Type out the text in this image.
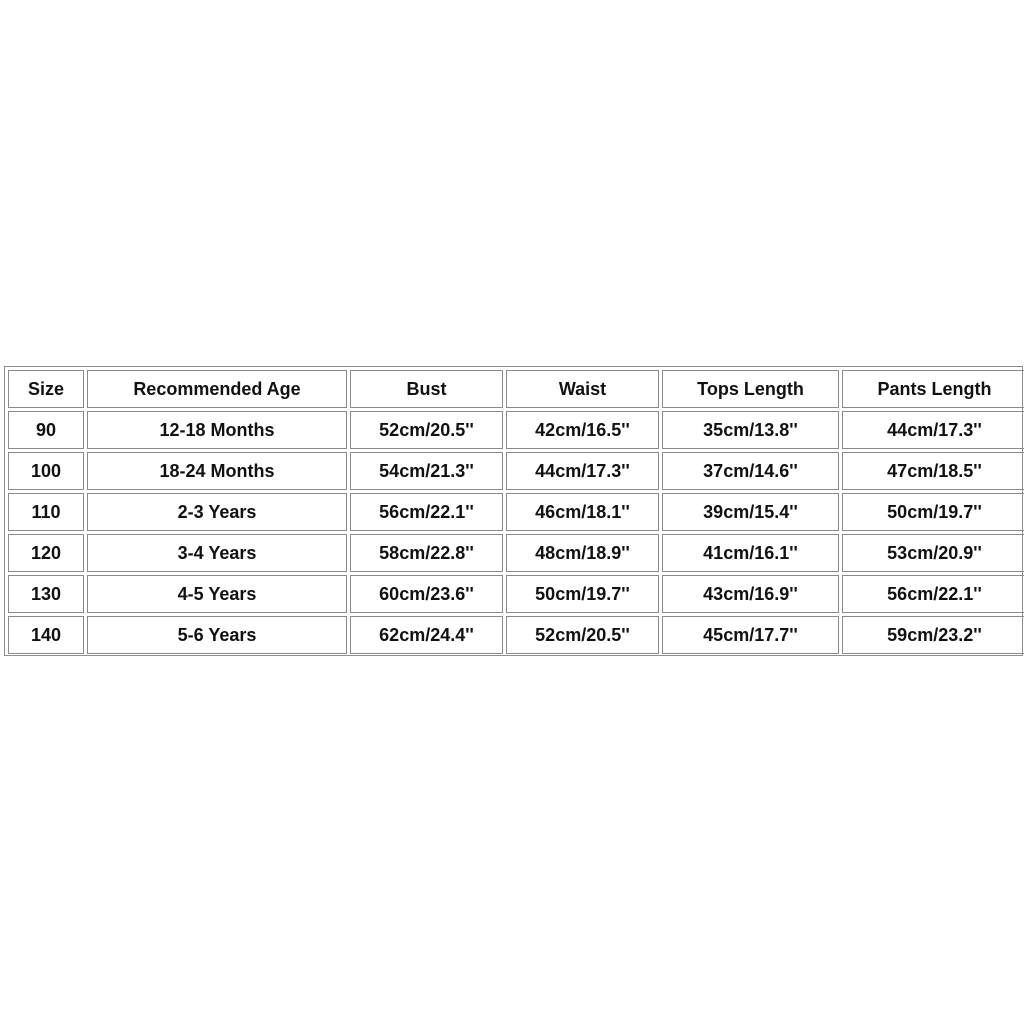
Size	Recommended Age	Bust	Waist	Tops Length	Pants Length
90	12-18 Months	52cm/20.5''	42cm/16.5''	35cm/13.8''	44cm/17.3''
100	18-24 Months	54cm/21.3''	44cm/17.3''	37cm/14.6''	47cm/18.5''
110	2-3 Years	56cm/22.1''	46cm/18.1''	39cm/15.4''	50cm/19.7''
120	3-4 Years	58cm/22.8''	48cm/18.9''	41cm/16.1''	53cm/20.9''
130	4-5 Years	60cm/23.6''	50cm/19.7''	43cm/16.9''	56cm/22.1''
140	5-6 Years	62cm/24.4''	52cm/20.5''	45cm/17.7''	59cm/23.2''
